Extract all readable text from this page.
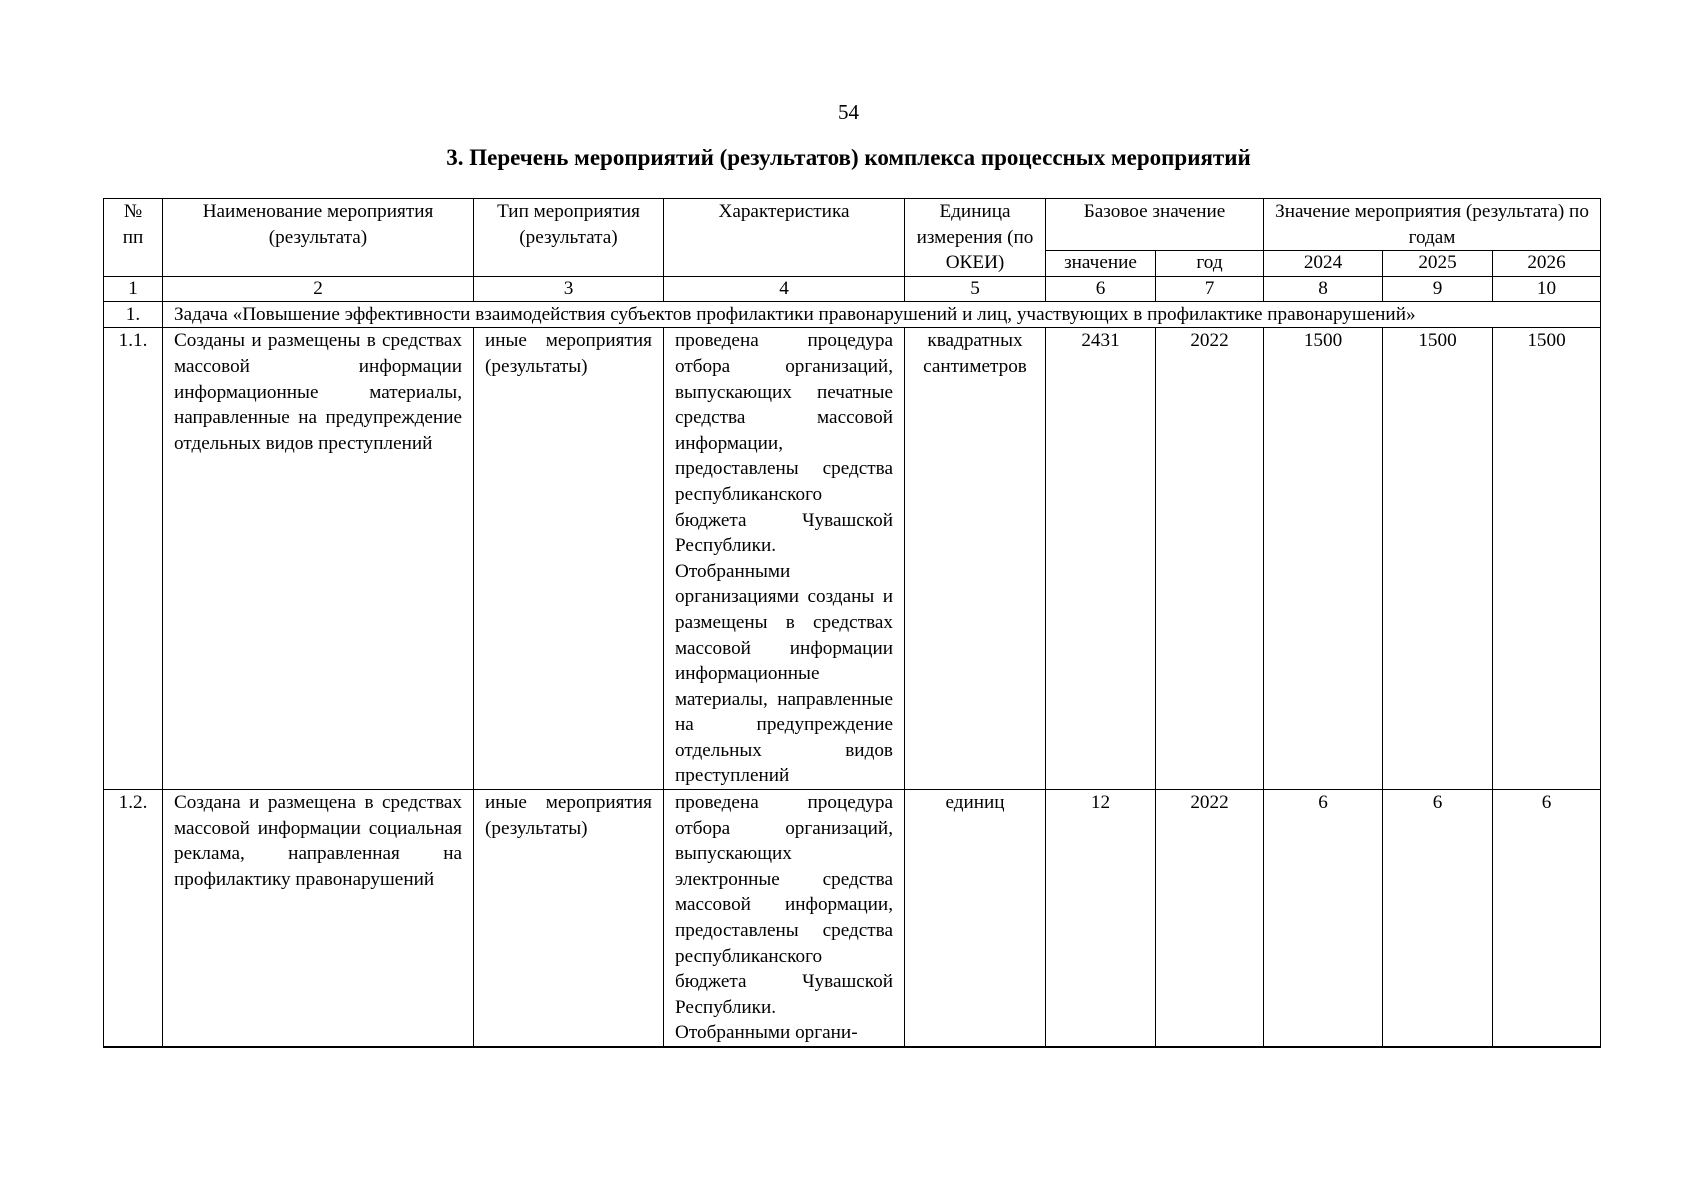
54
3. Перечень мероприятий (результатов) комплекса процессных мероприятий
№ пп	Наименование мероприятия (результата)	Тип мероприятия (результата)	Характеристика	Единица измерения (по ОКЕИ)	Базовое значение		Значение мероприятия (результата) по годам		
					значение	год	2024	2025	2026
1	2	3	4	5	6	7	8	9	10
1.	Задача «Повышение эффективности взаимодействия субъектов профилактики правонарушений и лиц, участвующих в профилактике правонарушений»								
1.1.	Созданы и размещены в средствах массовой информации информационные материалы, направленные на предупреждение отдельных видов преступлений	иные мероприятия (результаты)	проведена процедура отбора организаций, выпускающих печатные средства массовой информации, предоставлены средства республиканского бюджета Чувашской Республики. Отобранными организациями созданы и размещены в средствах массовой информации информационные материалы, направленные на предупреждение отдельных видов преступлений	квадратных сантиметров	2431	2022	1500	1500	1500
1.2.	Создана и размещена в средствах массовой информации социальная реклама, направленная на профилактику правонарушений	иные мероприятия (результаты)	проведена процедура отбора организаций, выпускающих электронные средства массовой информации, предоставлены средства республиканского бюджета Чувашской Республики. Отобранными органи-	единиц	12	2022	6	6	6
